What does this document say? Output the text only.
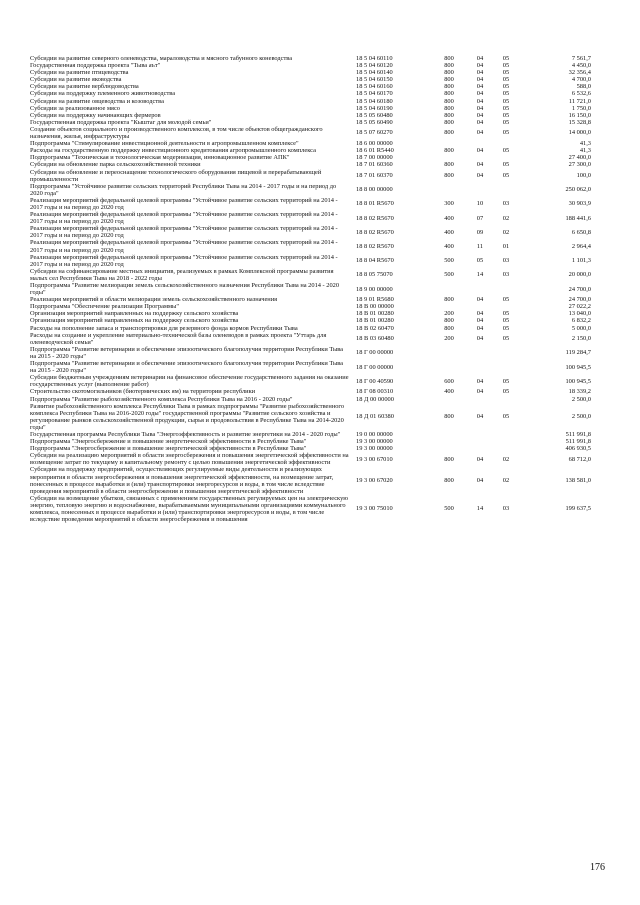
Субсидии на развитие северного оленеводства, мараловодства и мясного табунного коневодства	18 5 04 60110	800	04	05	7 561,7
Государственная поддержка проекта "Тыва аът"	18 5 04 60120	800	04	05	4 450,0
Субсидии на развитие птицеводства	18 5 04 60140	800	04	05	32 356,4
Субсидии на развитие яководства	18 5 04 60150	800	04	05	4 700,0
Субсидии на развитие верблюдоводства	18 5 04 60160	800	04	05	588,0
Субсидии на поддержку племенного животноводства	18 5 04 60170	800	04	05	6 532,6
Субсидии на развитие овцеводства и козоводства	18 5 04 60180	800	04	05	11 721,0
Субсидии за реализованное мясо	18 5 04 60190	800	04	05	1 750,0
Субсидии на поддержку начинающих фермеров	18 5 05 60480	800	04	05	16 150,0
Государственная поддержка проекта "Кыштаг для молодой семьи"	18 5 05 60490	800	04	05	15 328,8
Создание объектов социального и производственного комплексов, в том числе объектов общегражданского назначения, жилья, инфраструктуры	18 5 07 60270	800	04	05	14 000,0
Подпрограмма "Стимулирование инвестиционной деятельности в агропромышленном комплексе"	18 6 00 00000				41,3
Расходы на государственную поддержку инвестиционного кредитования агропромышленного комплекса	18 6 01 R5440	800	04	05	41,3
Подпрограмма "Техническая и технологическая модернизация, инновационное развитие АПК"	18 7 00 00000				27 400,0
Субсидии на обновление парка сельскохозяйственной техники	18 7 01 60360	800	04	05	27 300,0
Субсидии на обновление и переоснащение технологического оборудования пищевой и перерабатывающей промышленности	18 7 01 60370	800	04	05	100,0
Подпрограмма "Устойчивое развитие сельских территорий Республики Тыва на 2014 - 2017 годы и на период до 2020 года"	18 8 00 00000				250 062,0
Реализация мероприятий федеральной целевой программы "Устойчивое развитие сельских территорий на 2014 - 2017 годы и на период до 2020 год	18 8 01 R5670	300	10	03	30 903,9
Реализация мероприятий федеральной целевой программы "Устойчивое развитие сельских территорий на 2014 - 2017 годы и на период до 2020 год	18 8 02 R5670	400	07	02	188 441,6
Реализация мероприятий федеральной целевой программы "Устойчивое развитие сельских территорий на 2014 - 2017 годы и на период до 2020 год	18 8 02 R5670	400	09	02	6 650,8
Реализация мероприятий федеральной целевой программы "Устойчивое развитие сельских территорий на 2014 - 2017 годы и на период до 2020 год	18 8 02 R5670	400	11	01	2 964,4
Реализация мероприятий федеральной целевой программы "Устойчивое развитие сельских территорий на 2014 - 2017 годы и на период до 2020 год	18 8 04 R5670	500	05	03	1 101,3
Субсидии на софинансирование местных инициатив, реализуемых в рамках Комплексной программы развития малых сел Республики Тыва на 2018 - 2022 годы	18 8 05 75070	500	14	03	20 000,0
Подпрограмма "Развитие мелиорации земель сельскохозяйственного назначения Республики Тыва на 2014 - 2020 годы"	18 9 00 00000				24 700,0
Реализация мероприятий в области мелиорации земель сельскохозяйственного назначения	18 9 01 R5680	800	04	05	24 700,0
Подпрограмма "Обеспечение реализации Программы"	18 В 00 00000				27 022,2
Организация мероприятий направленных на поддержку сельского хозяйства	18 В 01 00280	200	04	05	13 040,0
Организация мероприятий направленных на поддержку сельского хозяйства	18 В 01 00280	800	04	05	6 832,2
Расходы на пополнение запаса и транспортировки для резервного фонда кормов Республики Тыва	18 В 02 60470	800	04	05	5 000,0
Расходы на создание и укрепление материально-технической базы оленеводов в рамках проекта "Уттарь для оленеводческой семьи"	18 В 03 60480	200	04	05	2 150,0
Подпрограмма "Развитие ветеринарии и обеспечение эпизоотического благополучия территории Республики Тыва на 2015 - 2020 годы"	18 Г 00 00000				119 284,7
Подпрограмма "Развитие ветеринарии и обеспечение эпизоотического благополучия территории Республики Тыва на 2015 - 2020 годы"	18 Г 00 00000				100 945,5
Субсидии бюджетным учреждениям ветеринарии на финансовое обеспечение государственного задания на оказание государственных услуг (выполнение работ)	18 Г 00 40590	600	04	05	100 945,5
Строительство скотомогильников (биотермических ям) на территории республики	18 Г 08 00310	400	04	05	18 339,2
Подпрограмма "Развитие рыбохозяйственного комплекса Республики Тыва на 2016 - 2020 годы"	18 Д 00 00000				2 500,0
Развитие рыбохозяйственного комплекса Республики Тыва в рамках подпрограммы "Развитие рыбохозяйственного комплекса Республики Тыва на 2016-2020 годы" государственной программы "Развитие сельского хозяйства и регулирование рынков сельскохозяйственной продукции, сырья и продовольствия в Республике Тыва на 2014-2020 годы"	18 Д 01 60380	800	04	05	2 500,0
Государственная программа Республики Тыва "Энергоэффективность и развитие энергетики на 2014 - 2020 годы"	19 0 00 00000				511 991,8
Подпрограмма "Энергосбережение и повышение энергетической эффективности в Республике Тыва"	19 3 00 00000				511 991,8
Подпрограмма "Энергосбережение и повышение энергетической эффективности в Республике Тыва"	19 3 00 00000				406 930,5
Субсидии на реализацию мероприятий в области энергосбережения и повышения энергетической эффективности на возмещение затрат по текущему и капитальному ремонту с целью повышения энергетической эффективности	19 3 00 67010	800	04	02	68 712,0
Субсидии на поддержку предприятий, осуществляющих регулируемые виды деятельности и реализующих мероприятия в области энергосбережения и повышения энергетической эффективности, на возмещение затрат, понесенных в процессе выработки и (или) транспортировки энергоресурсов и воды, в том числе вследствие проведения мероприятий в области энергосбережения и повышения энергетической эффективности	19 3 00 67020	800	04	02	138 581,0
Субсидии на возмещение убытков, связанных с применением государственных регулируемых цен на электрическую энергию, тепловую энергию и водоснабжение, вырабатываемыми муниципальными организациями коммунального комплекса, понесенных в процессе выработки и (или) транспортировки энергоресурсов и воды, в том числе вследствие проведения мероприятий в области энергосбережения и повышения	19 3 00 75010	500	14	03	199 637,5
176
